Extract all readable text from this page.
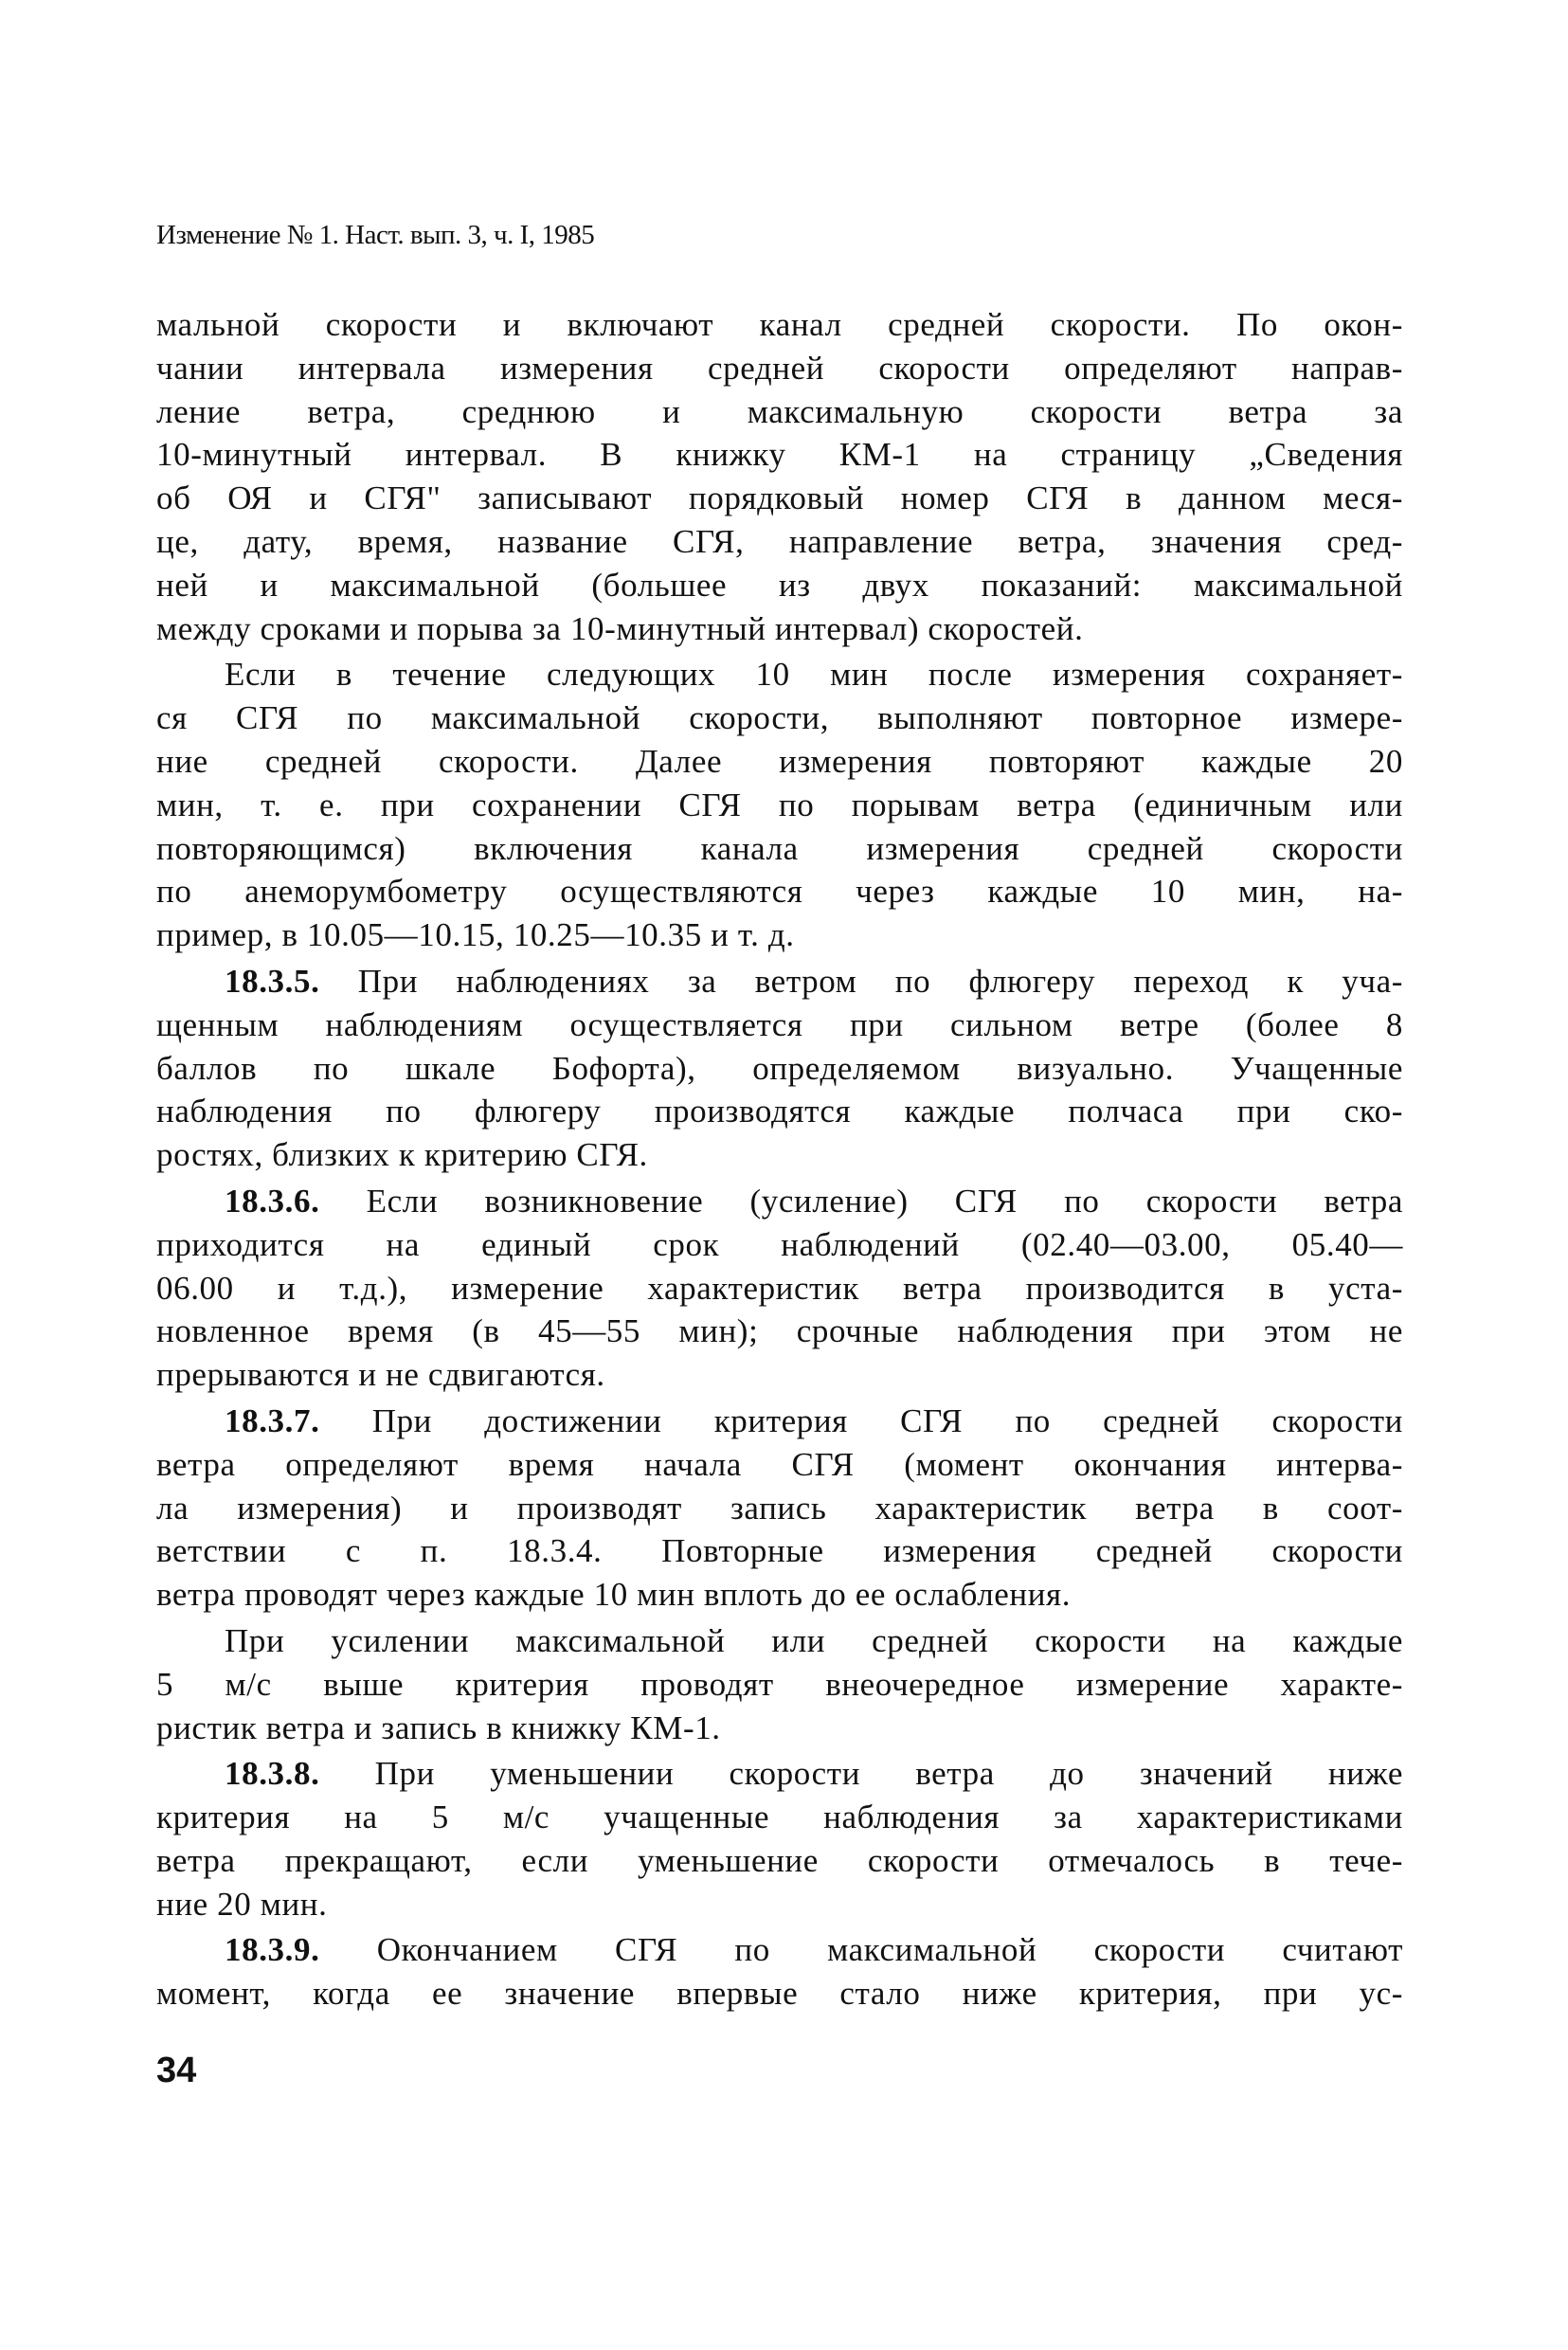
Изменение № 1. Наст. вып. 3, ч. I, 1985
мальной скорости и включают канал средней скорости. По окон-
чании интервала измерения средней скорости определяют направ-
ление ветра, среднюю и максимальную скорости ветра за
10-минутный интервал. В книжку КМ-1 на страницу „Сведения
об ОЯ и СГЯ" записывают порядковый номер СГЯ в данном меся-
це, дату, время, название СГЯ, направление ветра, значения сред-
ней и максимальной (большее из двух показаний: максимальной
между сроками и порыва за 10-минутный интервал) скоростей.
Если в течение следующих 10 мин после измерения сохраняет-
ся СГЯ по максимальной скорости, выполняют повторное измере-
ние средней скорости. Далее измерения повторяют каждые 20
мин, т. е. при сохранении СГЯ по порывам ветра (единичным или
повторяющимся) включения канала измерения средней скорости
по анеморумбометру осуществляются через каждые 10 мин, на-
пример, в 10.05—10.15, 10.25—10.35 и т. д.
18.3.5. При наблюдениях за ветром по флюгеру переход к уча-
щенным наблюдениям осуществляется при сильном ветре (более 8
баллов по шкале Бофорта), определяемом визуально. Учащенные
наблюдения по флюгеру производятся каждые полчаса при ско-
ростях, близких к критерию СГЯ.
18.3.6. Если возникновение (усиление) СГЯ по скорости ветра
приходится на единый срок наблюдений (02.40—03.00, 05.40—
06.00 и т.д.), измерение характеристик ветра производится в уста-
новленное время (в 45—55 мин); срочные наблюдения при этом не
прерываются и не сдвигаются.
18.3.7. При достижении критерия СГЯ по средней скорости
ветра определяют время начала СГЯ (момент окончания интерва-
ла измерения) и производят запись характеристик ветра в соот-
ветствии с п. 18.3.4. Повторные измерения средней скорости
ветра проводят через каждые 10 мин вплоть до ее ослабления.
При усилении максимальной или средней скорости на каждые
5 м/с выше критерия проводят внеочередное измерение характе-
ристик ветра и запись в книжку КМ-1.
18.3.8. При уменьшении скорости ветра до значений ниже
критерия на 5 м/с учащенные наблюдения за характеристиками
ветра прекращают, если уменьшение скорости отмечалось в тече-
ние 20 мин.
18.3.9. Окончанием СГЯ по максимальной скорости считают
момент, когда ее значение впервые стало ниже критерия, при ус-
34
